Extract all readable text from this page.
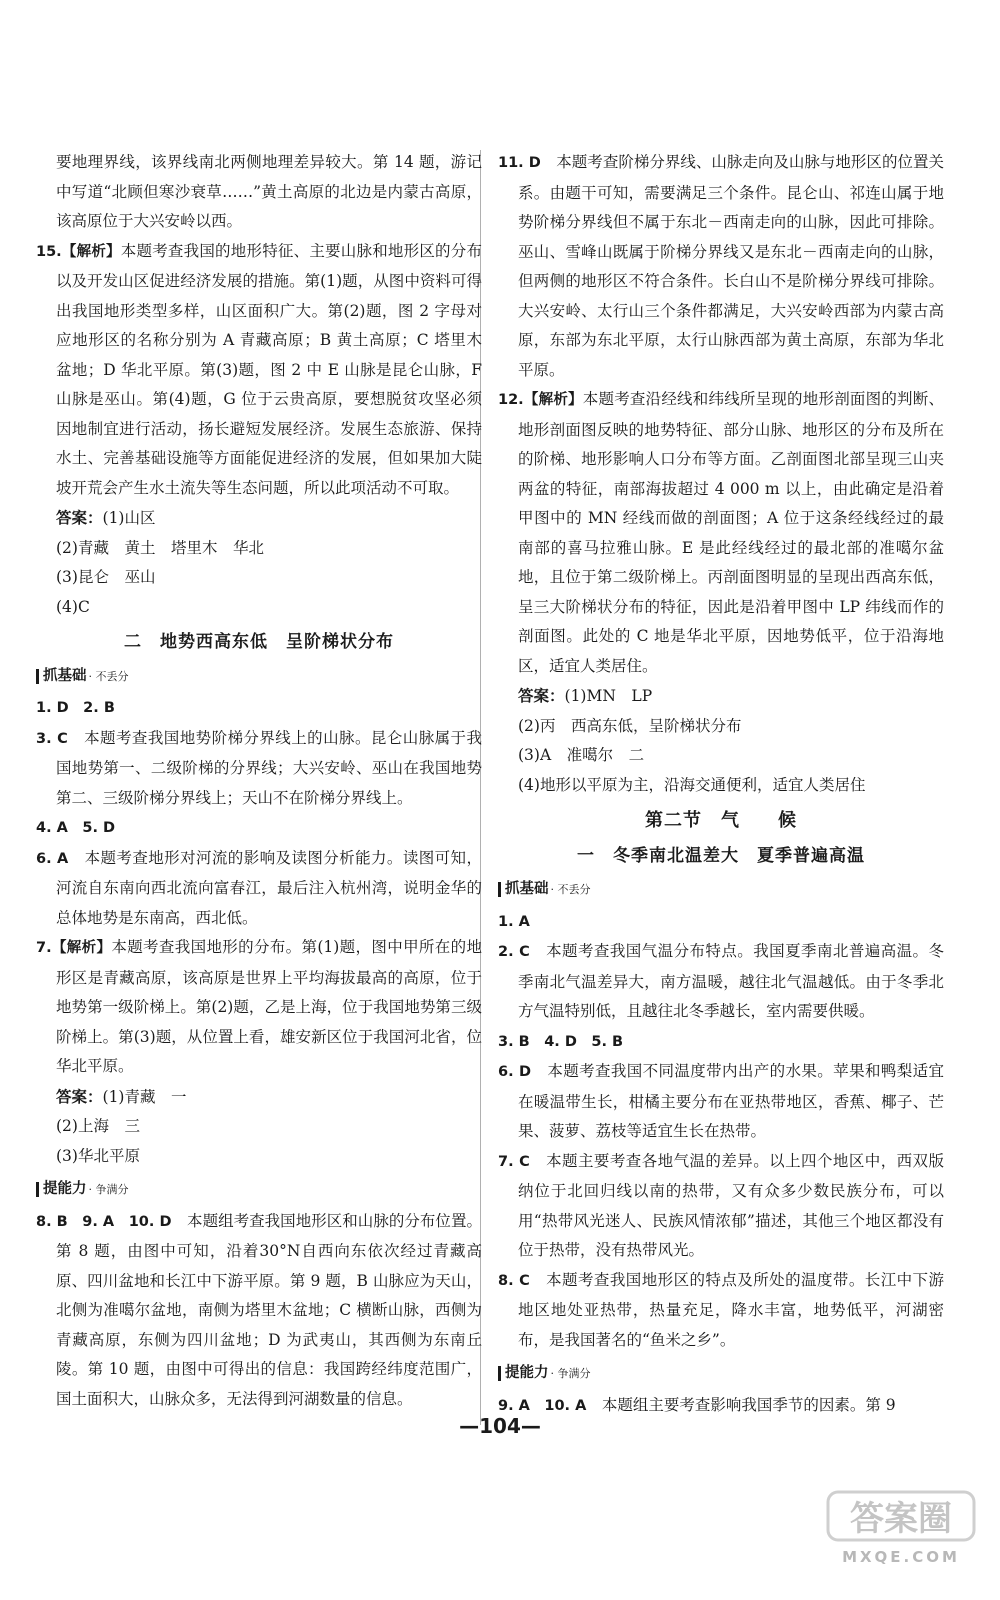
要地理界线，该界线南北两侧地理差异较大。第 14 题，游记中写道“北顾但寒沙衰草……”黄土高原的北边是内蒙古高原，该高原位于大兴安岭以西。

15.【解析】本题考查我国的地形特征、主要山脉和地形区的分布以及开发山区促进经济发展的措施。第(1)题，从图中资料可得出我国地形类型多样，山区面积广大。第(2)题，图 2 字母对应地形区的名称分别为 A 青藏高原；B 黄土高原；C 塔里木盆地；D 华北平原。第(3)题，图 2 中 E 山脉是昆仑山脉，F 山脉是巫山。第(4)题，G 位于云贵高原，要想脱贫攻坚必须因地制宜进行活动，扬长避短发展经济。发展生态旅游、保持水土、完善基础设施等方面能促进经济的发展，但如果加大陡坡开荒会产生水土流失等生态问题，所以此项活动不可取。

答案：(1)山区

(2)青藏　黄土　塔里木　华北

(3)昆仑　巫山

(4)C

二　地势西高东低　呈阶梯状分布
抓基础 · 不丢分

1. D　2. B

3. C　 本题考查我国地势阶梯分界线上的山脉。昆仑山脉属于我国地势第一、二级阶梯的分界线；大兴安岭、巫山在我国地势第二、三级阶梯分界线上；天山不在阶梯分界线上。

4. A　5. D

6. A　 本题考查地形对河流的影响及读图分析能力。读图可知，河流自东南向西北流向富春江，最后注入杭州湾，说明金华的总体地势是东南高，西北低。

7.【解析】本题考查我国地形的分布。第(1)题，图中甲所在的地形区是青藏高原，该高原是世界上平均海拔最高的高原，位于地势第一级阶梯上。第(2)题，乙是上海，位于我国地势第三级阶梯上。第(3)题，从位置上看，雄安新区位于我国河北省，位华北平原。

答案：(1)青藏　一

(2)上海　三

(3)华北平原

提能力 · 争满分

8. B　9. A　10. D　 本题组考查我国地形区和山脉的分布位置。第 8 题，由图中可知，沿着30°N自西向东依次经过青藏高原、四川盆地和长江中下游平原。第 9 题，B 山脉应为天山，北侧为准噶尔盆地，南侧为塔里木盆地；C 横断山脉，西侧为青藏高原，东侧为四川盆地；D 为武夷山，其西侧为东南丘陵。第 10 题，由图中可得出的信息：我国跨经纬度范围广，国土面积大，山脉众多，无法得到河湖数量的信息。

11. D　 本题考查阶梯分界线、山脉走向及山脉与地形区的位置关系。由题干可知，需要满足三个条件。昆仑山、祁连山属于地势阶梯分界线但不属于东北－西南走向的山脉，因此可排除。巫山、雪峰山既属于阶梯分界线又是东北－西南走向的山脉，但两侧的地形区不符合条件。长白山不是阶梯分界线可排除。大兴安岭、太行山三个条件都满足，大兴安岭西部为内蒙古高原，东部为东北平原，太行山脉西部为黄土高原，东部为华北平原。

12.【解析】本题考查沿经线和纬线所呈现的地形剖面图的判断、地形剖面图反映的地势特征、部分山脉、地形区的分布及所在的阶梯、地形影响人口分布等方面。乙剖面图北部呈现三山夹两盆的特征，南部海拔超过 4 000 m 以上，由此确定是沿着甲图中的 MN 经线而做的剖面图；A 位于这条经线经过的最南部的喜马拉雅山脉。E 是此经线经过的最北部的准噶尔盆地，且位于第二级阶梯上。丙剖面图明显的呈现出西高东低，呈三大阶梯状分布的特征，因此是沿着甲图中 LP 纬线而作的剖面图。此处的 C 地是华北平原，因地势低平，位于沿海地区，适宜人类居住。

答案：(1)MN　LP

(2)丙　西高东低，呈阶梯状分布

(3)A　准噶尔　二

(4)地形以平原为主，沿海交通便利，适宜人类居住

第二节　气　　候
一　冬季南北温差大　夏季普遍高温
抓基础 · 不丢分

1. A

2. C　 本题考查我国气温分布特点。我国夏季南北普遍高温。冬季南北气温差异大，南方温暖，越往北气温越低。由于冬季北方气温特别低，且越往北冬季越长，室内需要供暖。

3. B　4. D　5. B

6. D　 本题考查我国不同温度带内出产的水果。苹果和鸭梨适宜在暖温带生长，柑橘主要分布在亚热带地区，香蕉、椰子、芒果、菠萝、荔枝等适宜生长在热带。

7. C　 本题主要考查各地气温的差异。以上四个地区中，西双版纳位于北回归线以南的热带，又有众多少数民族分布，可以用“热带风光迷人、民族风情浓郁”描述，其他三个地区都没有位于热带，没有热带风光。

8. C　 本题考查我国地形区的特点及所处的温度带。长江中下游地区地处亚热带，热量充足，降水丰富，地势低平，河湖密布，是我国著名的“鱼米之乡”。

提能力 · 争满分

9. A　10. A　 本题组主要考查影响我国季节的因素。第 9

—104—
答案圈
MXQE.COM
